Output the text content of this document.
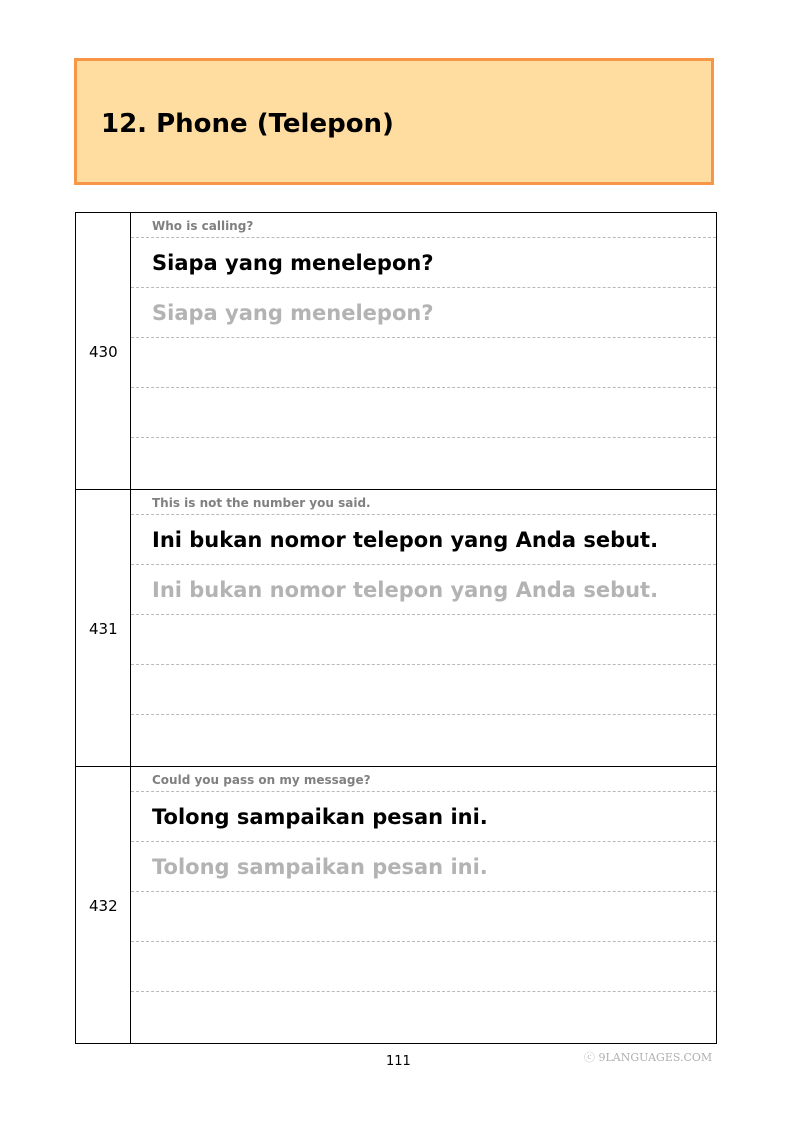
12. Phone (Telepon)
430
Who is calling?
Siapa yang menelepon?
Siapa yang menelepon?
431
This is not the number you said.
Ini bukan nomor telepon yang Anda sebut.
Ini bukan nomor telepon yang Anda sebut.
432
Could you pass on my message?
Tolong sampaikan pesan ini.
Tolong sampaikan pesan ini.
111	ⓒ 9LANGUAGES.COM
